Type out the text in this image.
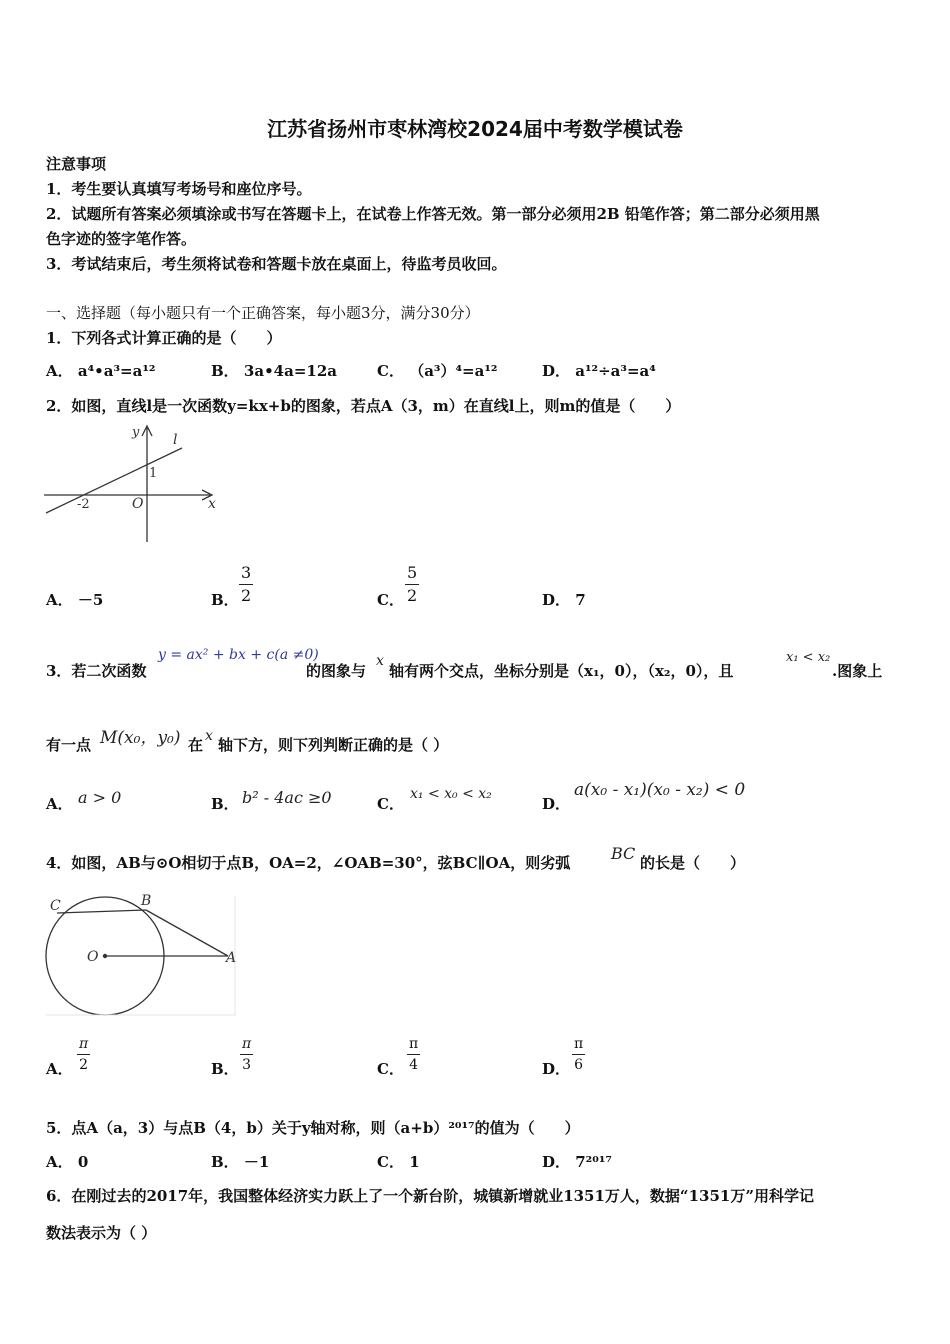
江苏省扬州市枣林湾校2024届中考数学模试卷
注意事项
1．考生要认真填写考场号和座位序号。
2．试题所有答案必须填涂或书写在答题卡上，在试卷上作答无效。第一部分必须用2B 铅笔作答；第二部分必须用黑
色字迹的签字笔作答。
3．考试结束后，考生须将试卷和答题卡放在桌面上，待监考员收回。
一、选择题（每小题只有一个正确答案，每小题3分，满分30分）
1．下列各式计算正确的是（　　）
A． a⁴•a³=a¹²	B． 3a•4a=12a	C． （a³）⁴=a¹²	D． a¹²÷a³=a⁴
2．如图，直线l是一次函数y=kx+b的图象，若点A（3，m）在直线l上，则m的值是（　　）
y
x
l
1
O
-2
A． －5	B． $\frac{3}{2}$	C． $\frac{5}{2}$	D． 7
3．若二次函数
y = ax² + bx + c(a ≠0)
的图象与
x
轴有两个交点，坐标分别是（x₁，0），（x₂，0），且
x₁ < x₂
.图象上
有一点 M(x₀，y₀) 在 x 轴下方，则下列判断正确的是（ ）
A． a > 0	B． b² - 4ac ≥0	C．
x₁ < x₀ < x₂
D．
a(x₀ - x₁)(x₀ - x₂) < 0
4．如图，AB与⊙O相切于点B，OA=2，∠OAB=30°，弦BC∥OA，则劣弧	BC 的长是（　　）
C	B
O	A
A． $\frac{\pi}{2}$	B． $\frac{\pi}{3}$	C． $\frac{\pi}{4}$	D． $\frac{\pi}{6}$
5．点A（a，3）与点B（4，b）关于y轴对称，则（a+b）²⁰¹⁷的值为（　　）
A． 0	B． －1	C． 1	D． 7²⁰¹⁷
6．在刚过去的2017年，我国整体经济实力跃上了一个新台阶，城镇新增就业1351万人，数据“1351万”用科学记
数法表示为（ ）
